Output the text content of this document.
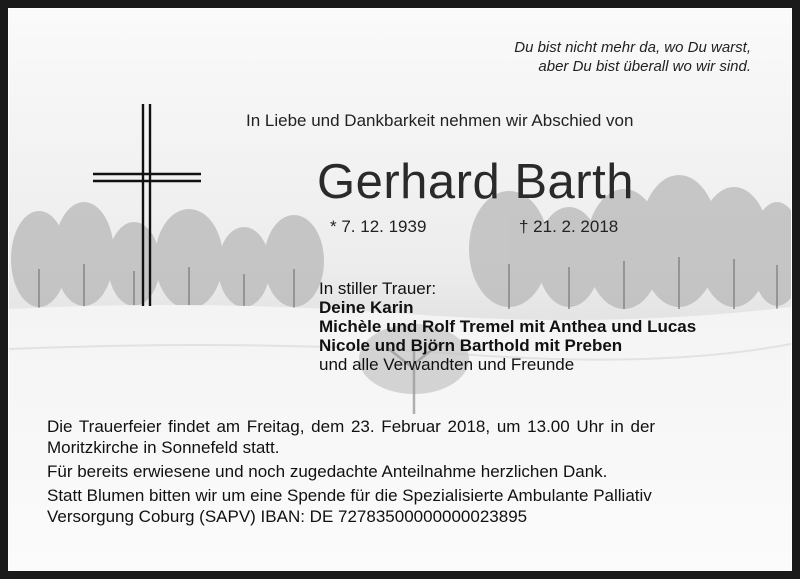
Du bist nicht mehr da, wo Du warst,
aber Du bist überall wo wir sind.
In Liebe und Dankbarkeit nehmen wir Abschied von
Gerhard Barth
* 7. 12. 1939	† 21. 2. 2018
In stiller Trauer:
Deine Karin
Michèle und Rolf Tremel mit Anthea und Lucas
Nicole und Björn Barthold mit Preben
und alle Verwandten und Freunde
Die Trauerfeier findet am Freitag, dem 23. Februar 2018, um 13.00 Uhr in der
Moritzkirche in Sonnefeld statt.
Für bereits erwiesene und noch zugedachte Anteilnahme herzlichen Dank.
Statt Blumen bitten wir um eine Spende für die Spezialisierte Ambulante Palliativ
Versorgung Coburg (SAPV) IBAN: DE 72783500000000023895
